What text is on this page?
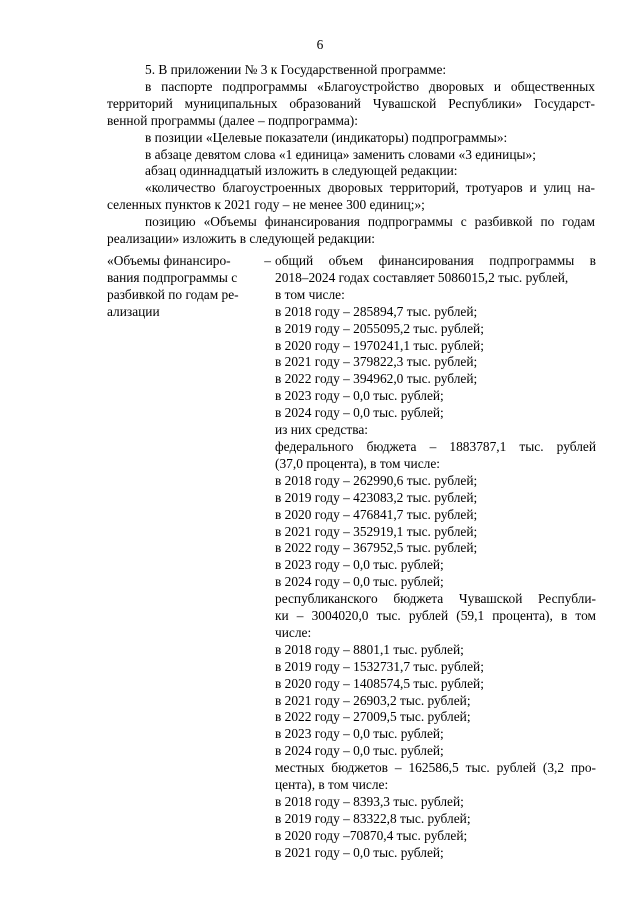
6

5. В приложении № 3 к Государственной программе:

в паспорте подпрограммы «Благоустройство дворовых и общественных

территорий муниципальных образований Чувашской Республики» Государст-

венной программы (далее – подпрограмма):

в позиции «Целевые показатели (индикаторы) подпрограммы»:

в абзаце девятом слова «1 единица» заменить словами «3 единицы»;

абзац одиннадцатый изложить в следующей редакции:

«количество благоустроенных дворовых территорий, тротуаров и улиц на-

селенных пунктов к 2021 году – не менее 300 единиц;»;

позицию «Объемы финансирования подпрограммы с разбивкой по годам

реализации» изложить в следующей редакции:

«Объемы финансиро-	–
вания подпрограммы с
разбивкой по годам ре-
ализации
общий объем финансирования подпрограммы в
2018–2024 годах составляет 5086015,2 тыс. рублей,
в том числе:
в 2018 году – 285894,7 тыс. рублей;
в 2019 году – 2055095,2 тыс. рублей;
в 2020 году – 1970241,1 тыс. рублей;
в 2021 году – 379822,3 тыс. рублей;
в 2022 году – 394962,0 тыс. рублей;
в 2023 году – 0,0 тыс. рублей;
в 2024 году – 0,0 тыс. рублей;
из них средства:
федерального бюджета – 1883787,1 тыс. рублей
(37,0 процента), в том числе:
в 2018 году – 262990,6 тыс. рублей;
в 2019 году – 423083,2 тыс. рублей;
в 2020 году – 476841,7 тыс. рублей;
в 2021 году – 352919,1 тыс. рублей;
в 2022 году – 367952,5 тыс. рублей;
в 2023 году – 0,0 тыс. рублей;
в 2024 году – 0,0 тыс. рублей;
республиканского бюджета Чувашской Республи-
ки – 3004020,0 тыс. рублей (59,1 процента), в том
числе:
в 2018 году – 8801,1 тыс. рублей;
в 2019 году – 1532731,7 тыс. рублей;
в 2020 году – 1408574,5 тыс. рублей;
в 2021 году – 26903,2 тыс. рублей;
в 2022 году – 27009,5 тыс. рублей;
в 2023 году – 0,0 тыс. рублей;
в 2024 году – 0,0 тыс. рублей;
местных бюджетов – 162586,5 тыс. рублей (3,2 про-
цента), в том числе:
в 2018 году – 8393,3 тыс. рублей;
в 2019 году – 83322,8 тыс. рублей;
в 2020 году –70870,4 тыс. рублей;
в 2021 году – 0,0 тыс. рублей;
